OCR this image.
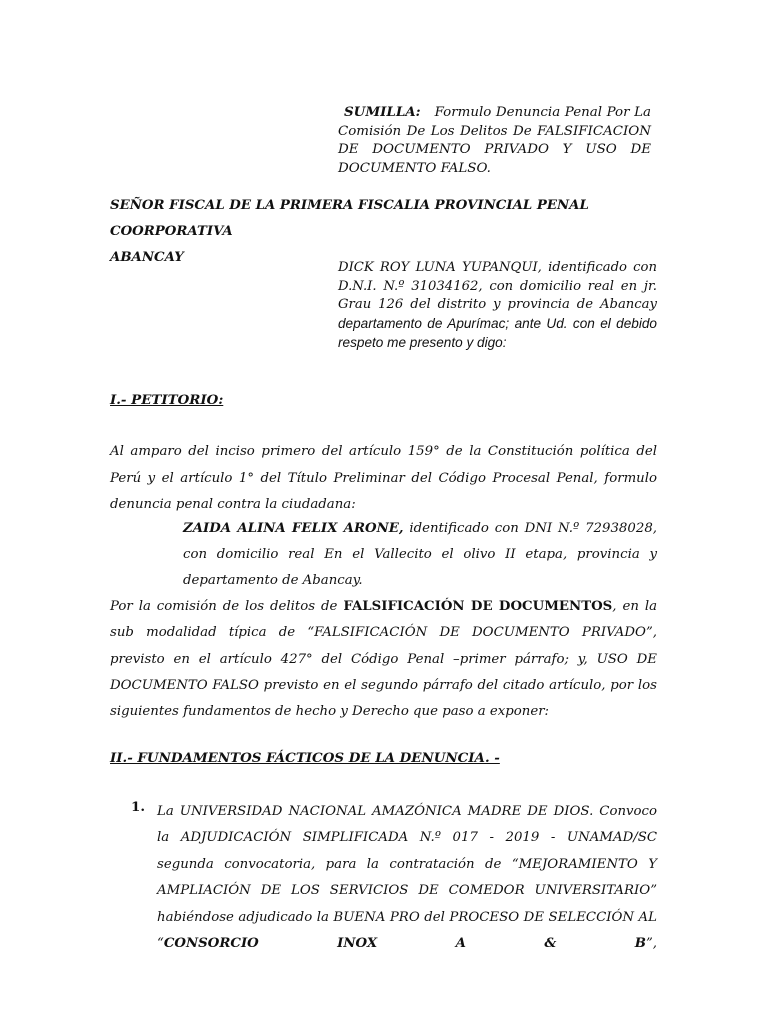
SUMILLA: Formulo Denuncia Penal Por La Comisión De Los Delitos De FALSIFICACION DE DOCUMENTO PRIVADO Y USO DE DOCUMENTO FALSO.

SEÑOR FISCAL DE LA PRIMERA FISCALIA PROVINCIAL PENAL COORPORATIVA

ABANCAY

DICK ROY LUNA YUPANQUI, identificado con D.N.I. N.º 31034162, con domicilio real en jr. Grau 126 del distrito y provincia de Abancay departamento de Apurímac; ante Ud. con el debido respeto me presento y digo:
I.- PETITORIO:
Al amparo del inciso primero del artículo 159° de la Constitución política del Perú y el artículo 1° del Título Preliminar del Código Procesal Penal, formulo denuncia penal contra la ciudadana:
ZAIDA ALINA FELIX ARONE, identificado con DNI N.º 72938028, con domicilio real En el Vallecito el olivo II etapa, provincia y departamento de Abancay.
Por la comisión de los delitos de FALSIFICACIÓN DE DOCUMENTOS, en la sub modalidad típica de “FALSIFICACIÓN DE DOCUMENTO PRIVADO”, previsto en el artículo 427° del Código Penal –primer párrafo; y, USO DE DOCUMENTO FALSO previsto en el segundo párrafo del citado artículo, por los siguientes fundamentos de hecho y Derecho que paso a exponer:
II.- FUNDAMENTOS FÁCTICOS DE LA DENUNCIA. -
1. La UNIVERSIDAD NACIONAL AMAZÓNICA MADRE DE DIOS. Convoco la ADJUDICACIÓN SIMPLIFICADA N.º 017 - 2019 - UNAMAD/SC segunda convocatoria, para la contratación de “MEJORAMIENTO Y AMPLIACIÓN DE LOS SERVICIOS DE COMEDOR UNIVERSITARIO” habiéndose adjudicado la BUENA PRO del PROCESO DE SELECCIÓN AL “CONSORCIO INOX A & B”,
